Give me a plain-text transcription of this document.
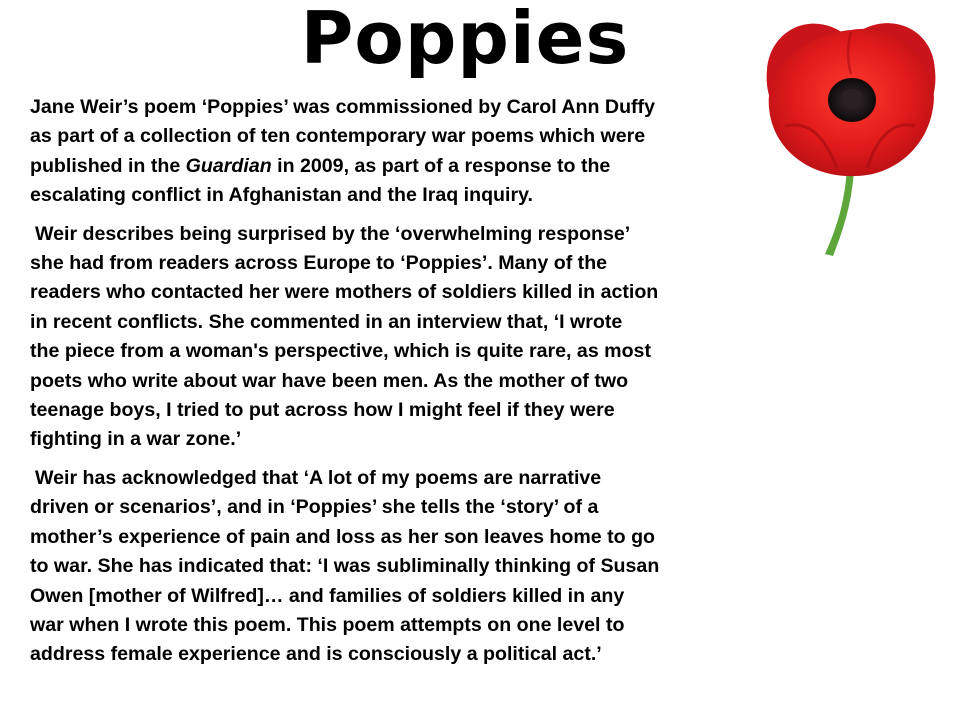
Poppies

Jane Weir’s poem ‘Poppies’ was commissioned by Carol Ann Duffy
as part of a collection of ten contemporary war poems which were
published in the Guardian in 2009, as part of a response to the
escalating conflict in Afghanistan and the Iraq inquiry.

Weir describes being surprised by the ‘overwhelming response’
she had from readers across Europe to ‘Poppies’. Many of the
readers who contacted her were mothers of soldiers killed in action
in recent conflicts. She commented in an interview that, ‘I wrote
the piece from a woman's perspective, which is quite rare, as most
poets who write about war have been men. As the mother of two
teenage boys, I tried to put across how I might feel if they were
fighting in a war zone.’

Weir has acknowledged that ‘A lot of my poems are narrative
driven or scenarios’, and in ‘Poppies’ she tells the ‘story’ of a
mother’s experience of pain and loss as her son leaves home to go
to war. She has indicated that: ‘I was subliminally thinking of Susan
Owen [mother of Wilfred]… and families of soldiers killed in any
war when I wrote this poem. This poem attempts on one level to
address female experience and is consciously a political act.’
